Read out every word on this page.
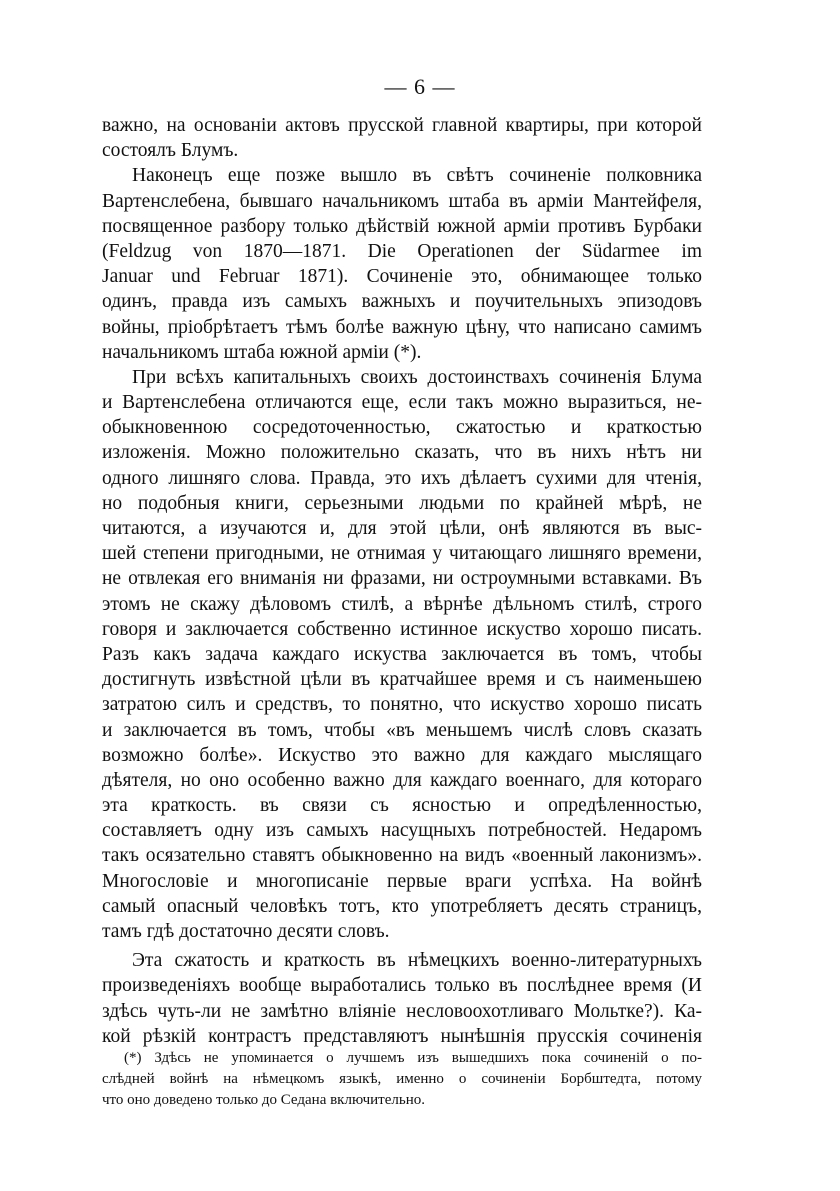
— 6 —
важно, на основаніи актовъ прусской главной квартиры, при которой
состоялъ Блумъ.
Наконецъ еще позже вышло въ свѣтъ сочиненіе полковника
Вартенслебена, бывшаго начальникомъ штаба въ арміи Мантейфеля,
посвященное разбору только дѣйствій южной арміи противъ Бурбаки
(Feldzug von 1870—1871. Die Operationen der Südarmee im
Januar und Februar 1871). Сочиненіе это, обнимающее только
одинъ, правда изъ самыхъ важныхъ и поучительныхъ эпизодовъ
войны, пріобрѣтаетъ тѣмъ болѣе важную цѣну, что написано самимъ
начальникомъ штаба южной арміи (*).
При всѣхъ капитальныхъ своихъ достоинствахъ сочиненія Блума
и Вартенслебена отличаются еще, если такъ можно выразиться, не-
обыкновенною сосредоточенностью, сжатостью и краткостью
изложенія. Можно положительно сказать, что въ нихъ нѣтъ ни
одного лишняго слова. Правда, это ихъ дѣлаетъ сухими для чтенія,
но подобныя книги, серьезными людьми по крайней мѣрѣ, не
читаются, а изучаются и, для этой цѣли, онѣ являются въ выс-
шей степени пригодными, не отнимая у читающаго лишняго времени,
не отвлекая его вниманія ни фразами, ни остроумными вставками. Въ
этомъ не скажу дѣловомъ стилѣ, а вѣрнѣе дѣльномъ стилѣ, строго
говоря и заключается собственно истинное искуство хорошо писать.
Разъ какъ задача каждаго искуства заключается въ томъ, чтобы
достигнуть извѣстной цѣли въ кратчайшее время и съ наименьшею
затратою силъ и средствъ, то понятно, что искуство хорошо писать
и заключается въ томъ, чтобы «въ меньшемъ числѣ словъ сказать
возможно болѣе». Искуство это важно для каждаго мыслящаго
дѣятеля, но оно особенно важно для каждаго военнаго, для котораго
эта краткость. въ связи съ ясностью и опредѣленностью,
составляетъ одну изъ самыхъ насущныхъ потребностей. Недаромъ
такъ осязательно ставятъ обыкновенно на видъ «военный лаконизмъ».
Многословіе и многописаніе первые враги успѣха. На войнѣ
самый опасный человѣкъ тотъ, кто употребляетъ десять страницъ,
тамъ гдѣ достаточно десяти словъ.
Эта сжатость и краткость въ нѣмецкихъ военно-литературныхъ
произведеніяхъ вообще выработались только въ послѣднее время (И
здѣсь чуть-ли не замѣтно вліяніе несловоохотливаго Мольтке?). Ка-
кой рѣзкій контрастъ представляютъ нынѣшнія прусскія сочиненія
(*) Здѣсь не упоминается о лучшемъ изъ вышедшихъ пока сочиненій о по-
слѣдней войнѣ на нѣмецкомъ языкѣ, именно о сочиненіи Борбштедта, потому
что оно доведено только до Седана включительно.
